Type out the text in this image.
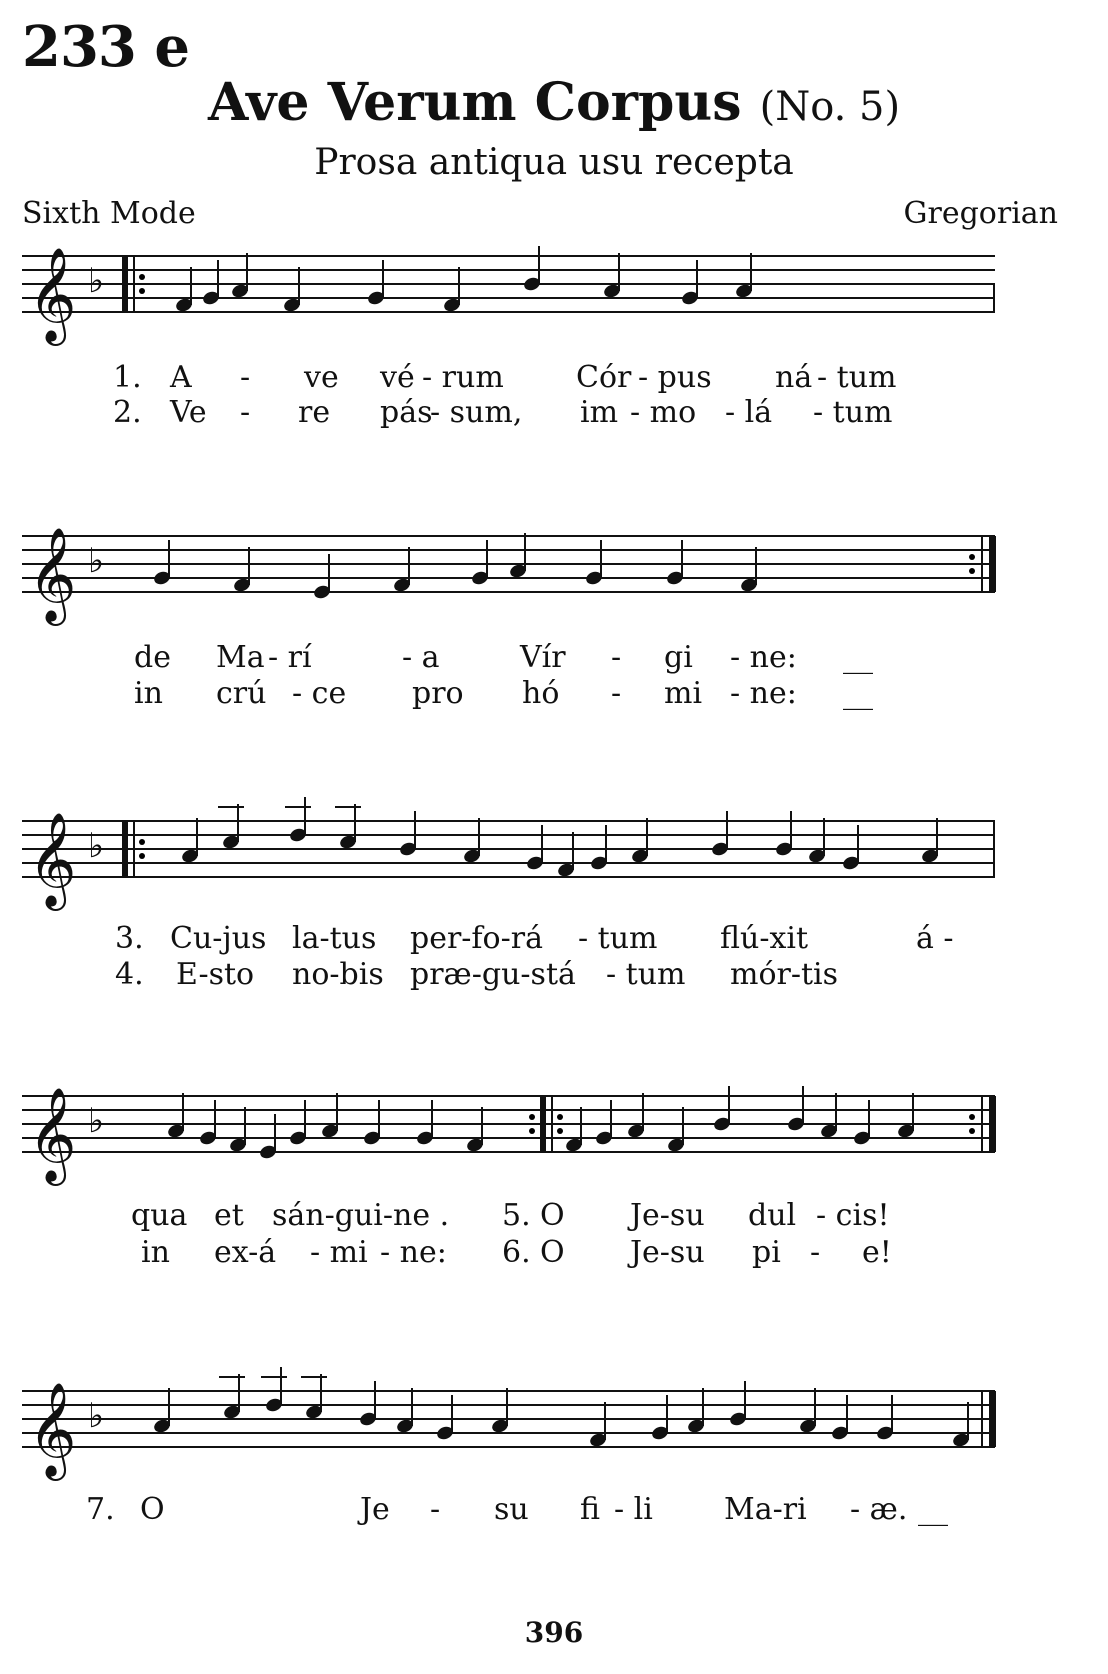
233 e
Ave Verum Corpus (No. 5)
Prosa antiqua usu recepta
Sixth Mode	Gregorian
𝄞 ♭
𝄞 ♭
𝄞 ♭
𝄞 ♭
𝄞 ♭
1. A - ve vé - rum Cór - pus ná - tum
2. Ve - re pás
- sum, im - mo - lá - tum
de Ma - rí	- a	Vír - gi - ne: __
in crú - ce pro hó - mi - ne: __
3. Cu-jus la-tus per-fo-rá - tum flú-xit	á -
4. E-sto no-bis præ-gu-stá - tum mór-tis
qua et sán-gui-ne . 5. O Je-su dul - cis!
in ex-á - mi - ne: 6. O Je-su pi - e!
7. O	Je - su fi - li Ma-ri - æ. __
396
